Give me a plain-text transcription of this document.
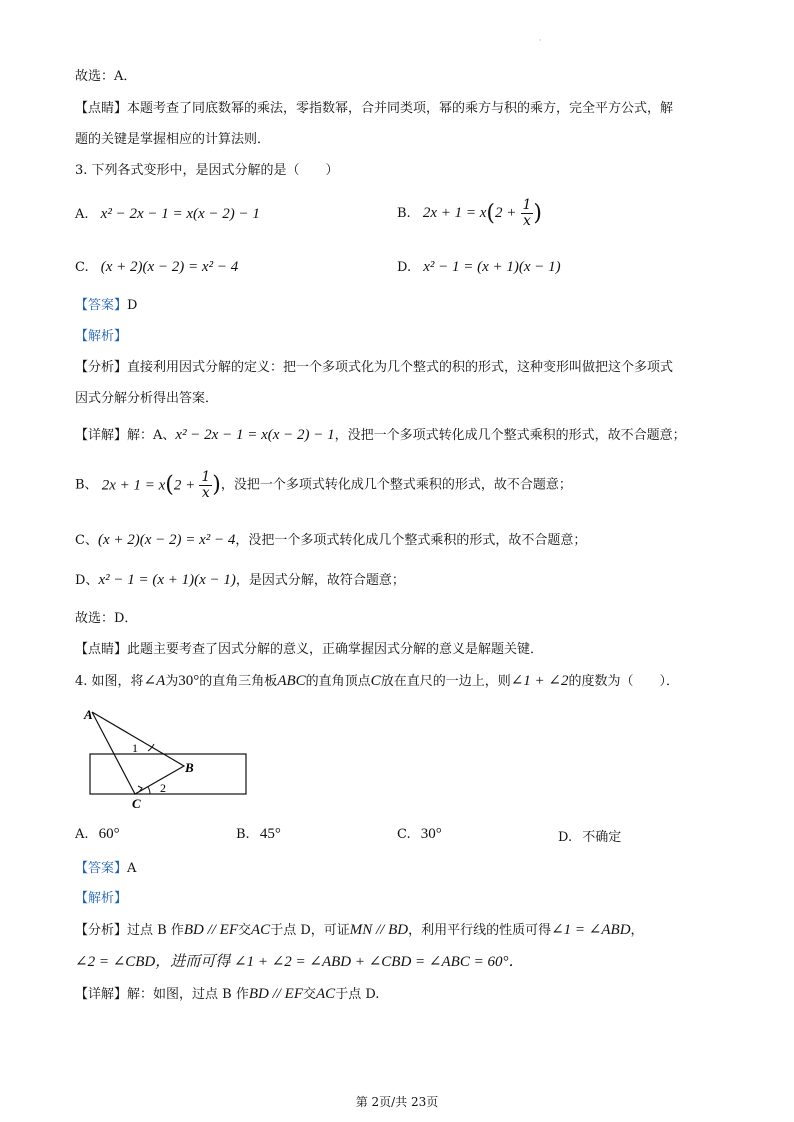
·
故选：A．
【点睛】本题考查了同底数幂的乘法，零指数幂，合并同类项，幂的乘方与积的乘方，完全平方公式，解
题的关键是掌握相应的计算法则．
3. 下列各式变形中，是因式分解的是（　　）
A. x² − 2x − 1 = x(x − 2) − 1	B. $2x + 1 = x(2 + \frac{1}{x}$ )
C. (x + 2)(x − 2) = x² − 4	D. x² − 1 = (x + 1)(x − 1)
【答案】D
【解析】
【分析】直接利用因式分解的定义：把一个多项式化为几个整式的积的形式，这种变形叫做把这个多项式
因式分解分析得出答案．
【详解】解：A、x² − 2x − 1 = x(x − 2) − 1，没把一个多项式转化成几个整式乘积的形式，故不合题意；
B、 $2x + 1 = x(2 + \frac{1}{x}$ )，没把一个多项式转化成几个整式乘积的形式，故不合题意；
C、(x + 2)(x − 2) = x² − 4，没把一个多项式转化成几个整式乘积的形式，故不合题意；
D、x² − 1 = (x + 1)(x − 1)，是因式分解，故符合题意；
故选：D．
【点睛】此题主要考查了因式分解的意义，正确掌握因式分解的意义是解题关键．
4. 如图，将∠A为30°的直角三角板ABC的直角顶点C放在直尺的一边上，则∠1 + ∠2的度数为（　　）．
A
B
C
1
2
A. 60°	B. 45°	C. 30°	D. 不确定
【答案】A
【解析】
【分析】过点 B 作BD // EF交AC于点 D，可证MN // BD，利用平行线的性质可得∠1 = ∠ABD，
∠2 = ∠CBD，进而可得 ∠1 + ∠2 = ∠ABD + ∠CBD = ∠ABC = 60°．
【详解】解：如图，过点 B 作BD // EF交AC于点 D.
第 2页/共 23页
